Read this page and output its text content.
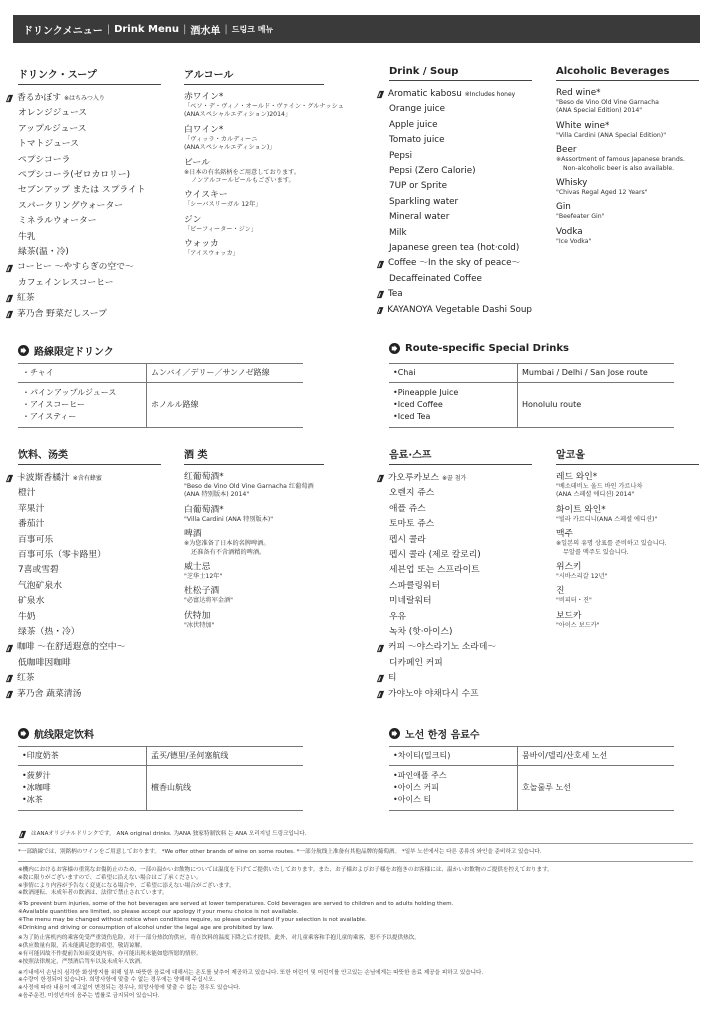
ドリンクメニュー | Drink Menu | 酒水单 | 드링크 메뉴
ドリンク・スープ
香るかぼす ※はちみつ入り
オレンジジュース
アップルジュース
トマトジュース
ペプシコーラ
ペプシコーラ(ゼロカロリー)
セブンアップ または スプライト
スパークリングウォーター
ミネラルウォーター
牛乳
緑茶(温・冷)
コーヒー ～やすらぎの空で～
カフェインレスコーヒー
紅茶
茅乃舎 野菜だしスープ
アルコール
赤ワイン*
「ベソ・デ・ヴィノ・オールド・ヴァイン・グルナッシュ
(ANAスペシャルエディション)2014」
白ワイン*
「ヴィッラ・カルディーニ
(ANAスペシャルエディション)」
ビール
※日本の有名銘柄をご用意しております。
ノンアルコールビールもございます。
ウイスキー
「シーバスリーガル 12年」
ジン
「ビーフィーター・ジン」
ウォッカ
「アイスウォッカ」
路線限定ドリンク
・チャイ	ムンバイ／デリー／サンノゼ路線

・パインアップルジュース
・アイスコーヒー
・アイスティー	ホノルル路線
Drink / Soup
Aromatic kabosu ※Includes honey
Orange juice
Apple juice
Tomato juice
Pepsi
Pepsi (Zero Calorie)
7UP or Sprite
Sparkling water
Mineral water
Milk
Japanese green tea (hot·cold)
Coffee ～In the sky of peace～
Decaffeinated Coffee
Tea
KAYANOYA Vegetable Dashi Soup
Alcoholic Beverages
Red wine*
"Beso de Vino Old Vine Garnacha
(ANA Special Edition) 2014"
White wine*
"Villa Cardini (ANA Special Edition)"
Beer
※Assortment of famous Japanese brands.
Non-alcoholic beer is also available.
Whisky
"Chivas Regal Aged 12 Years"
Gin
"Beefeater Gin"
Vodka
"Ice Vodka"
Route-specific Special Drinks
•Chai	Mumbai / Delhi / San Jose route

•Pineapple Juice
•Iced Coffee
•Iced Tea	Honolulu route
饮料、汤类
卡波斯香橘汁 ※含有蜂蜜
橙汁
苹果汁
番茄汁
百事可乐
百事可乐（零卡路里）
7喜或雪碧
气泡矿泉水
矿泉水
牛奶
绿茶（热・冷）
咖啡 ～在舒适遐意的空中～
低咖啡因咖啡
红茶
茅乃舍 蔬菜清汤
酒 类
红葡萄酒*
"Beso de Vino Old Vine Garnacha 红葡萄酒
(ANA 特别版本) 2014"
白葡萄酒*
"Villa Cardini (ANA 特别版本)"
啤酒
※为您准备了日本的名牌啤酒。
还准备有不含酒精的啤酒。
威士忌
"芝华士12年"
杜松子酒
"必富达将军金酒"
伏特加
"冰伏特加"
航线限定饮料
•印度奶茶	孟买/德里/圣何塞航线

•菠萝汁
•冰咖啡
•冰茶	檀香山航线
음료·스프
가오루카보스 ※꿀 첨가
오렌지 쥬스
애플 쥬스
토마토 쥬스
펩시 콜라
펩시 콜라 (제로 칼로리)
세븐업 또는 스프라이트
스파클링워터
미네랄워터
우유
녹차 (핫·아이스)
커피 ～야스라기노 소라데～
디카페인 커피
티
가야노야 야채다시 수프
알코올
레드 와인*
"베소데비노 올드 바인 가르나차
(ANA 스페셜 에디션) 2014"
화이트 와인*
"빌라 카르디니(ANA 스페셜 에디션)"
맥주
※일본의 유명 상표를 준비하고 있습니다.
무알콜 맥주도 있습니다.
위스키
"시바스리갈 12년"
진
"비피터・진"
보드카
"아이스 보드카"
노선 한정 음료수
•차이티(밀크티)	뭄바이/델리/산호세 노선

•파인애플 주스
•아이스 커피
•아이스 티	호놀룰루 노선
はANAオリジナルドリンクです。 ANA original drinks. 为ANA 独家特制饮料 는 ANA 오리지널 드링크입니다.
*一部路線では、別銘柄のワインをご用意しております。 *We offer other brands of wine on some routes. *一部分航线上准备有其他品牌的葡萄酒。 *일부 노선에서는 다른 종류의 와인을 준비하고 있습니다.
※機内におけるお客様の重篤なお傷防止のため、一部の温かいお飲物については温度を下げてご提供いたしております。また、お子様およびお子様をお抱きのお客様には、温かいお飲物のご提供を控えております。
※数に限りがございますので、ご希望に沿えない場合はご了承ください。
※事情により内容が予告なく変更になる場合や、ご希望に添えない場合がございます。
※飲酒運転、未成年者の飲酒は、法律で禁止されています。
※To prevent burn injuries, some of the hot beverages are served at lower temperatures. Cold beverages are served to children and to adults holding them.
※Available quantities are limited, so please accept our apology if your menu choice is not available.
※The menu may be changed without notice when conditions require, so please understand if your selection is not available.
※Drinking and driving or consumption of alcohol under the legal age are prohibited by law.
※为了防止客机内的乘客免受严重烫伤危险，对于一部分热饮的供应，将在饮料的温度下降之后才提供。此外，对儿童乘客和手抱儿童的乘客，恕不予以提供热饮。
※供应数量有限，若未能满足您的希望，敬请谅解。
※有可能因故不作提前告知而变更内容，亦可能出现未能如您所愿的情形。
※按照法律规定，严禁酒后驾车以及未成年人饮酒。
※기내에서 손님의 심각한 화상방지를 위해 일부 따뜻한 음료에 대해서는 온도를 낮추어 제공하고 있습니다. 또한 어린이 및 어린이를 안고있는 손님에게는 따뜻한 음료 제공을 피하고 있습니다.
※수량이 한정되어 있습니다. 희망사항에 맞출 수 없는 경우에는 양해해 주십시오.
※사정에 따라 내용이 예고없이 변경되는 경우나, 희망사항에 맞출 수 없는 경우도 있습니다.
※음주운전, 미성년자의 음주는 법률로 금지되어 있습니다.
